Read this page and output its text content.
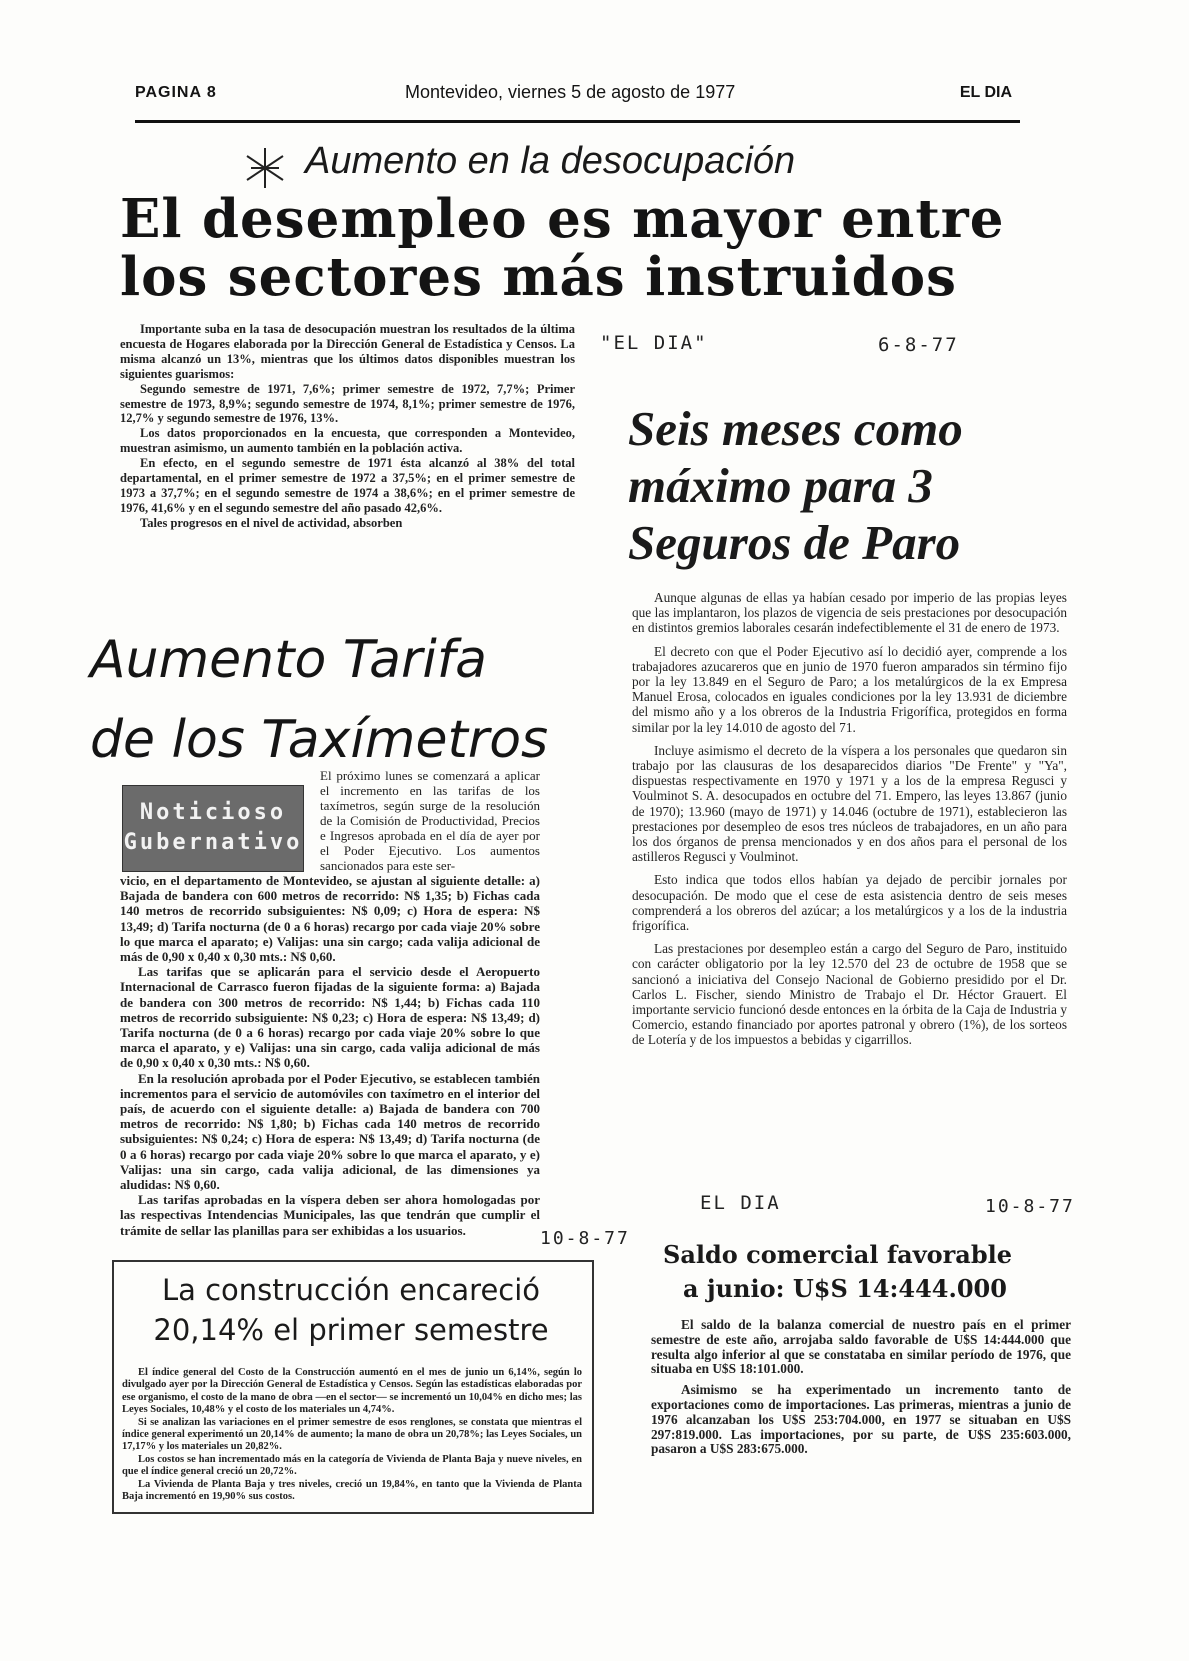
PAGINA 8	Montevideo, viernes 5 de agosto de 1977	EL DIA
Aumento en la desocupación
El desempleo es mayor entre
los sectores más instruidos

Importante suba en la tasa de desocupación muestran los resultados de la última encuesta de Hogares elaborada por la Dirección General de Estadística y Censos. La misma alcanzó un 13%, mientras que los últimos datos disponibles muestran los siguientes guarismos:

Segundo semestre de 1971, 7,6%; primer semestre de 1972, 7,7%; Primer semestre de 1973, 8,9%; segundo semestre de 1974, 8,1%; primer semestre de 1976, 12,7% y segundo semestre de 1976, 13%.

Los datos proporcionados en la encuesta, que corresponden a Montevideo, muestran asimismo, un aumento también en la población activa.

En efecto, en el segundo semestre de 1971 ésta alcanzó al 38% del total departamental, en el primer semestre de 1972 a 37,5%; en el primer semestre de 1973 a 37,7%; en el segundo semestre de 1974 a 38,6%; en el primer semestre de 1976, 41,6% y en el segundo semestre del año pasado 42,6%.

Tales progresos en el nivel de actividad, absorben

"EL DIA"	6-8-77
Seis meses como
máximo para 3
Seguros de Paro

Aunque algunas de ellas ya habían cesado por imperio de las propias leyes que las implantaron, los plazos de vigencia de seis prestaciones por desocupación en distintos gremios laborales cesarán indefectiblemente el 31 de enero de 1973.

El decreto con que el Poder Ejecutivo así lo decidió ayer, comprende a los trabajadores azucareros que en junio de 1970 fueron amparados sin término fijo por la ley 13.849 en el Seguro de Paro; a los metalúrgicos de la ex Empresa Manuel Erosa, colocados en iguales condiciones por la ley 13.931 de diciembre del mismo año y a los obreros de la Industria Frigorífica, protegidos en forma similar por la ley 14.010 de agosto del 71.

Incluye asimismo el decreto de la víspera a los personales que quedaron sin trabajo por las clausuras de los desaparecidos diarios "De Frente" y "Ya", dispuestas respectivamente en 1970 y 1971 y a los de la empresa Regusci y Voulminot S. A. desocupados en octubre del 71. Empero, las leyes 13.867 (junio de 1970); 13.960 (mayo de 1971) y 14.046 (octubre de 1971), establecieron las prestaciones por desempleo de esos tres núcleos de trabajadores, en un año para los dos órganos de prensa mencionados y en dos años para el personal de los astilleros Regusci y Voulminot.

Esto indica que todos ellos habían ya dejado de percibir jornales por desocupación. De modo que el cese de esta asistencia dentro de seis meses comprenderá a los obreros del azúcar; a los metalúrgicos y a los de la industria frigorífica.

Las prestaciones por desempleo están a cargo del Seguro de Paro, instituido con carácter obligatorio por la ley 12.570 del 23 de octubre de 1958 que se sancionó a iniciativa del Consejo Nacional de Gobierno presidido por el Dr. Carlos L. Fischer, siendo Ministro de Trabajo el Dr. Héctor Grauert. El importante servicio funcionó desde entonces en la órbita de la Caja de Industria y Comercio, estando financiado por aportes patronal y obrero (1%), de los sorteos de Lotería y de los impuestos a bebidas y cigarrillos.

Aumento Tarifa
de los Taxímetros
Noticioso
Gubernativo
El próximo lunes se comenzará a aplicar el incremento en las tarifas de los taxímetros, según surge de la resolución de la Comisión de Productividad, Precios e Ingresos aprobada en el día de ayer por el Poder Ejecutivo. Los aumentos sancionados para este ser-

vicio, en el departamento de Montevideo, se ajustan al siguiente detalle: a) Bajada de bandera con 600 metros de recorrido: N$ 1,35; b) Fichas cada 140 metros de recorrido subsiguientes: N$ 0,09; c) Hora de espera: N$ 13,49; d) Tarifa nocturna (de 0 a 6 horas) recargo por cada viaje 20% sobre lo que marca el aparato; e) Valijas: una sin cargo; cada valija adicional de más de 0,90 x 0,40 x 0,30 mts.: N$ 0,60.

Las tarifas que se aplicarán para el servicio desde el Aeropuerto Internacional de Carrasco fueron fijadas de la siguiente forma: a) Bajada de bandera con 300 metros de recorrido: N$ 1,44; b) Fichas cada 110 metros de recorrido subsiguiente: N$ 0,23; c) Hora de espera: N$ 13,49; d) Tarifa nocturna (de 0 a 6 horas) recargo por cada viaje 20% sobre lo que marca el aparato, y e) Valijas: una sin cargo, cada valija adicional de más de 0,90 x 0,40 x 0,30 mts.: N$ 0,60.

En la resolución aprobada por el Poder Ejecutivo, se establecen también incrementos para el servicio de automóviles con taxímetro en el interior del país, de acuerdo con el siguiente detalle: a) Bajada de bandera con 700 metros de recorrido: N$ 1,80; b) Fichas cada 140 metros de recorrido subsiguientes: N$ 0,24; c) Hora de espera: N$ 13,49; d) Tarifa nocturna (de 0 a 6 horas) recargo por cada viaje 20% sobre lo que marca el aparato, y e) Valijas: una sin cargo, cada valija adicional, de las dimensiones ya aludidas: N$ 0,60.

Las tarifas aprobadas en la víspera deben ser ahora homologadas por las respectivas Intendencias Municipales, las que tendrán que cumplir el trámite de sellar las planillas para ser exhibidas a los usuarios.	10-8-77
La construcción encareció
20,14% el primer semestre

El índice general del Costo de la Construcción aumentó en el mes de junio un 6,14%, según lo divulgado ayer por la Dirección General de Estadística y Censos. Según las estadísticas elaboradas por ese organismo, el costo de la mano de obra —en el sector— se incrementó un 10,04% en dicho mes; las Leyes Sociales, 10,48% y el costo de los materiales un 4,74%.

Si se analizan las variaciones en el primer semestre de esos renglones, se constata que mientras el índice general experimentó un 20,14% de aumento; la mano de obra un 20,78%; las Leyes Sociales, un 17,17% y los materiales un 20,82%.

Los costos se han incrementado más en la categoría de Vivienda de Planta Baja y nueve niveles, en que el índice general creció un 20,72%.

La Vivienda de Planta Baja y tres niveles, creció un 19,84%, en tanto que la Vivienda de Planta Baja incrementó en 19,90% sus costos.

EL DIA	10-8-77
Saldo comercial favorable
a junio: U$S 14:444.000

El saldo de la balanza comercial de nuestro país en el primer semestre de este año, arrojaba saldo favorable de U$S 14:444.000 que resulta algo inferior al que se constataba en similar período de 1976, que situaba en U$S 18:101.000.

Asimismo se ha experimentado un incremento tanto de exportaciones como de importaciones. Las primeras, mientras a junio de 1976 alcanzaban los U$S 253:704.000, en 1977 se situaban en U$S 297:819.000. Las importaciones, por su parte, de U$S 235:603.000, pasaron a U$S 283:675.000.
